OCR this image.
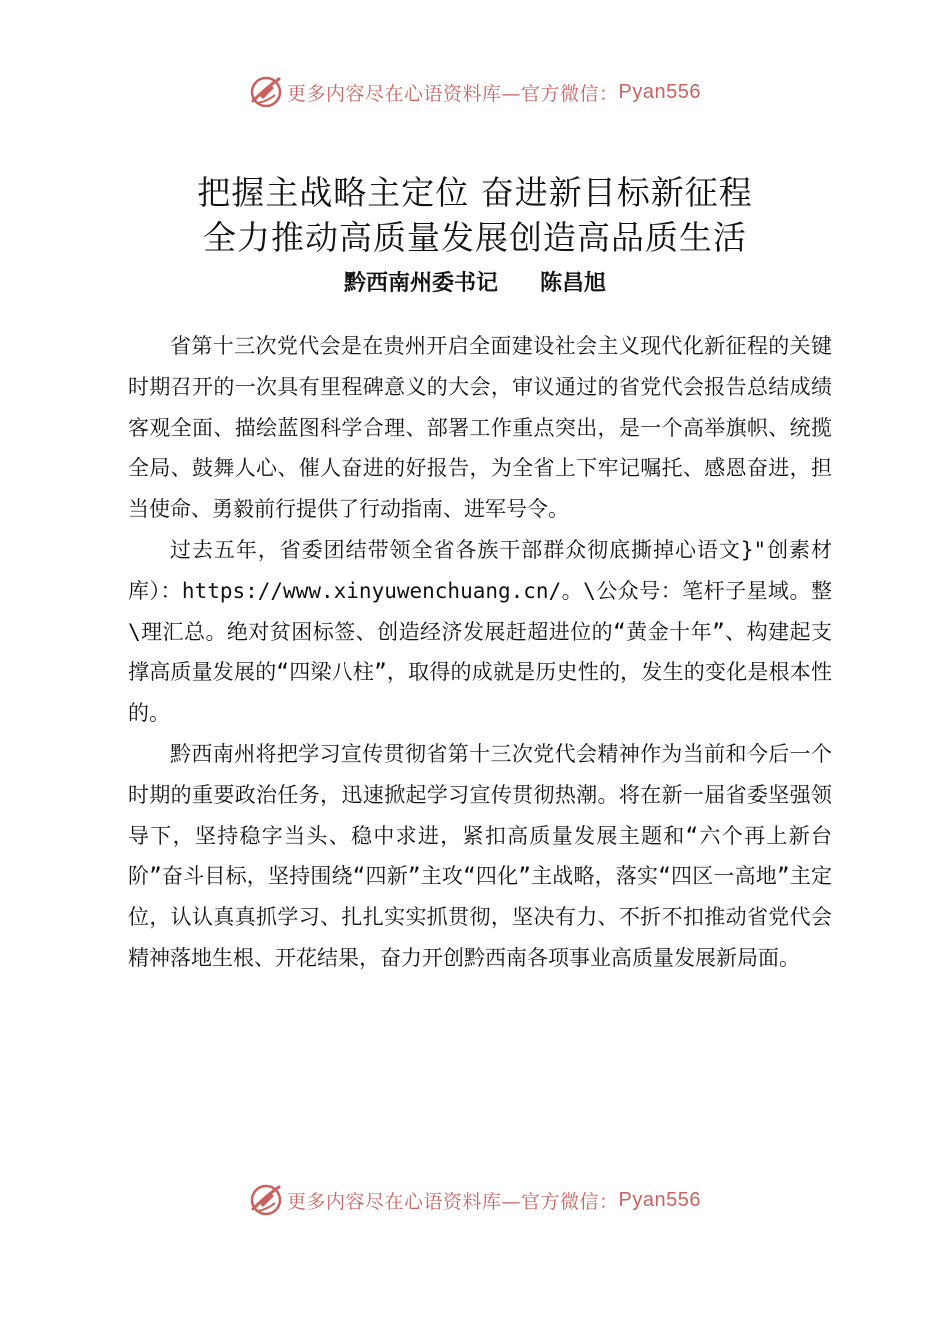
更多内容尽在心语资料库—官方微信： Pyan556
把握主战略主定位 奋进新目标新征程
全力推动高质量发展创造高品质生活
黔西南州委书记 陈昌旭

省第十三次党代会是在贵州开启全面建设社会主义现代化新征程的关键时期召开的一次具有里程碑意义的大会，审议通过的省党代会报告总结成绩客观全面、描绘蓝图科学合理、部署工作重点突出，是一个高举旗帜、统揽全局、鼓舞人心、催人奋进的好报告，为全省上下牢记嘱托、感恩奋进，担当使命、勇毅前行提供了行动指南、进军号令。

过去五年，省委团结带领全省各族干部群众彻底撕掉心语文}"创素材库）：https://www.xinyuwenchuang.cn/。\公众号：笔杆子星域。整\理汇总。绝对贫困标签、创造经济发展赶超进位的“黄金十年”、构建起支撑高质量发展的“四梁八柱”，取得的成就是历史性的，发生的变化是根本性的。

黔西南州将把学习宣传贯彻省第十三次党代会精神作为当前和今后一个时期的重要政治任务，迅速掀起学习宣传贯彻热潮。将在新一届省委坚强领导下，坚持稳字当头、稳中求进，紧扣高质量发展主题和“六个再上新台阶”奋斗目标，坚持围绕“四新”主攻“四化”主战略，落实“四区一高地”主定位，认认真真抓学习、扎扎实实抓贯彻，坚决有力、不折不扣推动省党代会 精神落地生根、开花结果，奋力开创黔西南各项事业高质量发展新局面。

更多内容尽在心语资料库—官方微信： Pyan556
